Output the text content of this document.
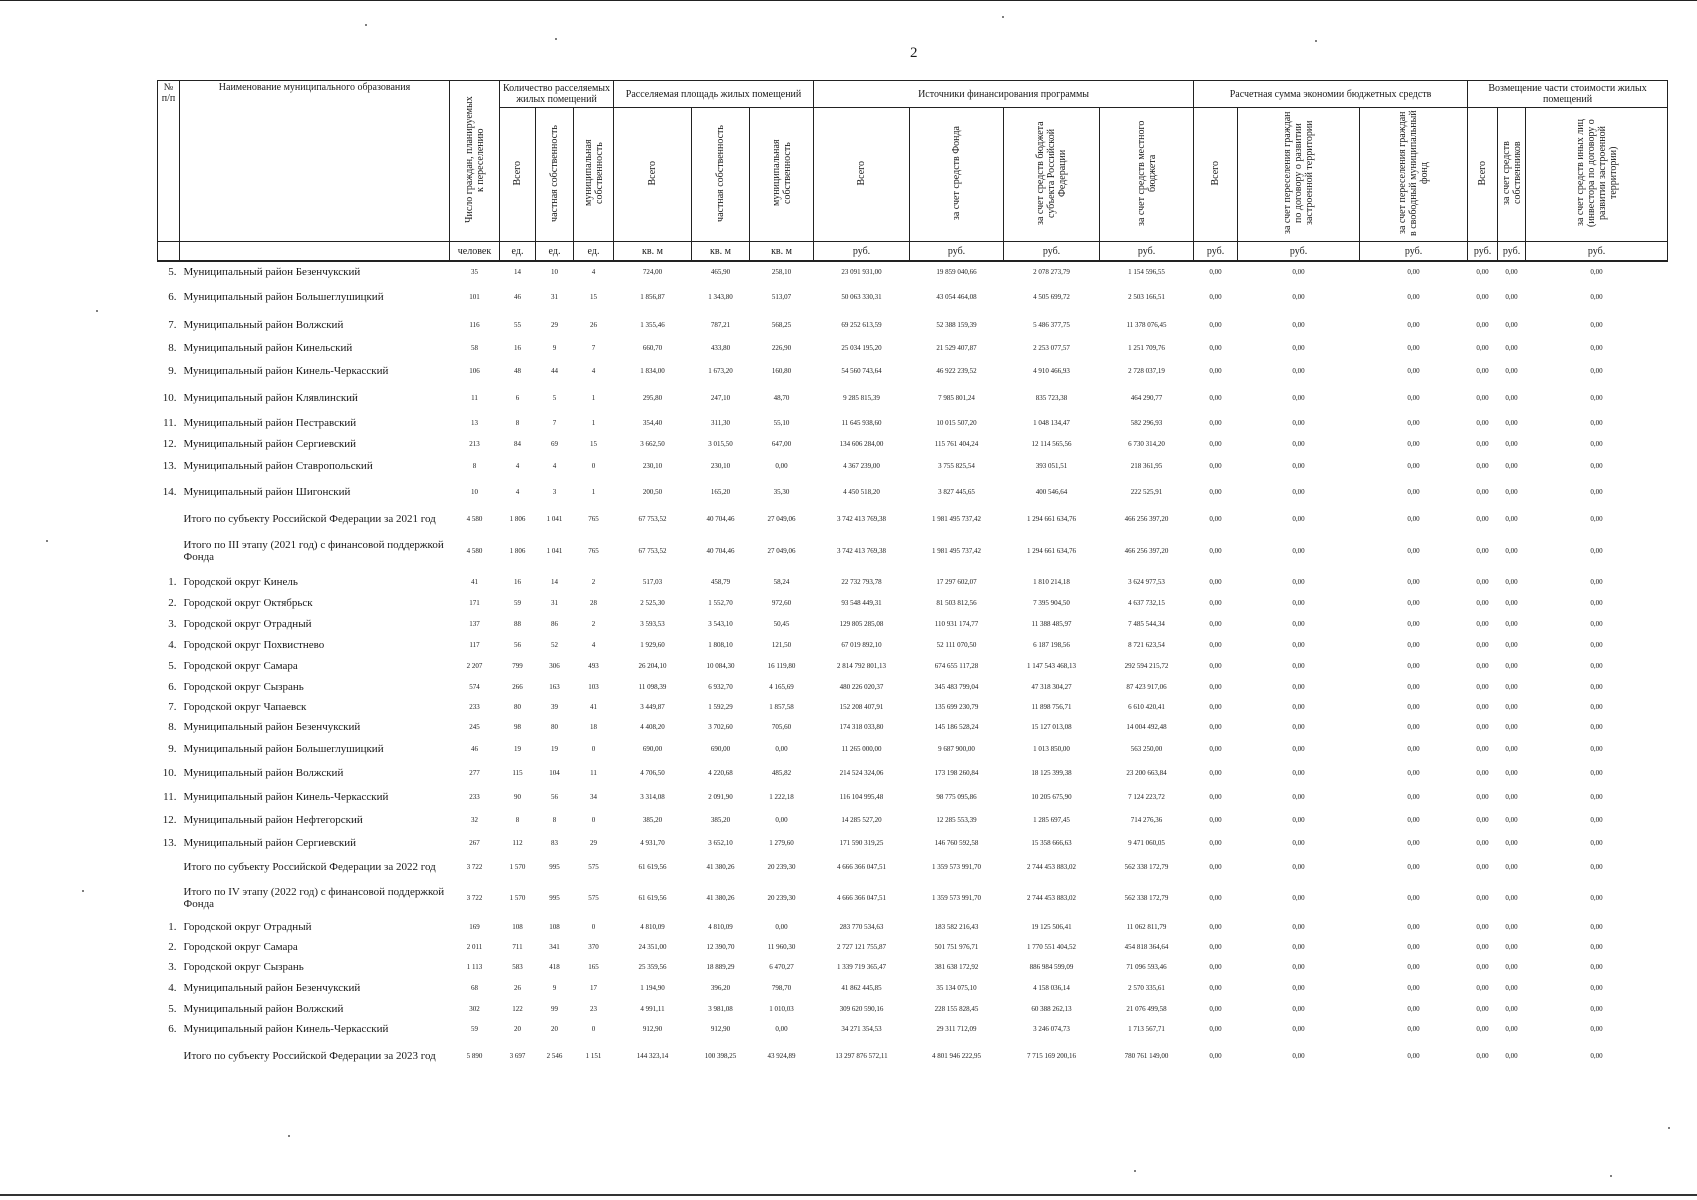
2
№ п/п	Наименование муниципального образования	Число граждан, планируемых к переселению	Количество расселяемых жилых помещений			Расселяемая площадь жилых помещений			Источники финансирования программы				Расчетная сумма экономии бюджетных средств			Возмещение части стоимости жилых помещений		
			Всего	частная собственность	муниципальная собственность	Всего	частная собственность	муниципальная собственность	Всего	за счет средств Фонда	за счет средств бюджета субъекта Российской Федерации	за счет средств местного бюджета	Всего	за счет переселения граждан по договору о развитии застроенной территории	за счет переселения граждан в свободный муниципальный фонд	Всего	за счет средств собственников	за счет средств иных лиц (инвестора по договору о развитии застроенной территории)
		человек	ед.	ед.	ед.	кв. м	кв. м	кв. м	руб.	руб.	руб.	руб.	руб.	руб.	руб.	руб.	руб.	руб.
5.	Муниципальный район Безенчукский	35	14	10	4	724,00	465,90	258,10	23 091 931,00	19 859 040,66	2 078 273,79	1 154 596,55	0,00	0,00	0,00	0,00	0,00	0,00
6.	Муниципальный район Большеглушицкий	101	46	31	15	1 856,87	1 343,80	513,07	50 063 330,31	43 054 464,08	4 505 699,72	2 503 166,51	0,00	0,00	0,00	0,00	0,00	0,00
7.	Муниципальный район Волжский	116	55	29	26	1 355,46	787,21	568,25	69 252 613,59	52 388 159,39	5 486 377,75	11 378 076,45	0,00	0,00	0,00	0,00	0,00	0,00
8.	Муниципальный район Кинельский	58	16	9	7	660,70	433,80	226,90	25 034 195,20	21 529 407,87	2 253 077,57	1 251 709,76	0,00	0,00	0,00	0,00	0,00	0,00
9.	Муниципальный район Кинель-Черкасский	106	48	44	4	1 834,00	1 673,20	160,80	54 560 743,64	46 922 239,52	4 910 466,93	2 728 037,19	0,00	0,00	0,00	0,00	0,00	0,00
10.	Муниципальный район Клявлинский	11	6	5	1	295,80	247,10	48,70	9 285 815,39	7 985 801,24	835 723,38	464 290,77	0,00	0,00	0,00	0,00	0,00	0,00
11.	Муниципальный район Пестравский	13	8	7	1	354,40	311,30	55,10	11 645 938,60	10 015 507,20	1 048 134,47	582 296,93	0,00	0,00	0,00	0,00	0,00	0,00
12.	Муниципальный район Сергиевский	213	84	69	15	3 662,50	3 015,50	647,00	134 606 284,00	115 761 404,24	12 114 565,56	6 730 314,20	0,00	0,00	0,00	0,00	0,00	0,00
13.	Муниципальный район Ставропольский	8	4	4	0	230,10	230,10	0,00	4 367 239,00	3 755 825,54	393 051,51	218 361,95	0,00	0,00	0,00	0,00	0,00	0,00
14.	Муниципальный район Шигонский	10	4	3	1	200,50	165,20	35,30	4 450 518,20	3 827 445,65	400 546,64	222 525,91	0,00	0,00	0,00	0,00	0,00	0,00
	Итого по субъекту Российской Федерации за 2021 год	4 580	1 806	1 041	765	67 753,52	40 704,46	27 049,06	3 742 413 769,38	1 981 495 737,42	1 294 661 634,76	466 256 397,20	0,00	0,00	0,00	0,00	0,00	0,00
	Итого по III этапу (2021 год) с финансовой поддержкой Фонда	4 580	1 806	1 041	765	67 753,52	40 704,46	27 049,06	3 742 413 769,38	1 981 495 737,42	1 294 661 634,76	466 256 397,20	0,00	0,00	0,00	0,00	0,00	0,00
1.	Городской округ Кинель	41	16	14	2	517,03	458,79	58,24	22 732 793,78	17 297 602,07	1 810 214,18	3 624 977,53	0,00	0,00	0,00	0,00	0,00	0,00
2.	Городской округ Октябрьск	171	59	31	28	2 525,30	1 552,70	972,60	93 548 449,31	81 503 812,56	7 395 904,50	4 637 732,15	0,00	0,00	0,00	0,00	0,00	0,00
3.	Городской округ Отрадный	137	88	86	2	3 593,53	3 543,10	50,45	129 805 285,08	110 931 174,77	11 388 485,97	7 485 544,34	0,00	0,00	0,00	0,00	0,00	0,00
4.	Городской округ Похвистнево	117	56	52	4	1 929,60	1 808,10	121,50	67 019 892,10	52 111 070,50	6 187 198,56	8 721 623,54	0,00	0,00	0,00	0,00	0,00	0,00
5.	Городской округ Самара	2 207	799	306	493	26 204,10	10 084,30	16 119,80	2 814 792 801,13	674 655 117,28	1 147 543 468,13	292 594 215,72	0,00	0,00	0,00	0,00	0,00	0,00
6.	Городской округ Сызрань	574	266	163	103	11 098,39	6 932,70	4 165,69	480 226 020,37	345 483 799,04	47 318 304,27	87 423 917,06	0,00	0,00	0,00	0,00	0,00	0,00
7.	Городской округ Чапаевск	233	80	39	41	3 449,87	1 592,29	1 857,58	152 208 407,91	135 699 230,79	11 898 756,71	6 610 420,41	0,00	0,00	0,00	0,00	0,00	0,00
8.	Муниципальный район Безенчукский	245	98	80	18	4 408,20	3 702,60	705,60	174 318 033,80	145 186 528,24	15 127 013,08	14 004 492,48	0,00	0,00	0,00	0,00	0,00	0,00
9.	Муниципальный район Большеглушицкий	46	19	19	0	690,00	690,00	0,00	11 265 000,00	9 687 900,00	1 013 850,00	563 250,00	0,00	0,00	0,00	0,00	0,00	0,00
10.	Муниципальный район Волжский	277	115	104	11	4 706,50	4 220,68	485,82	214 524 324,06	173 198 260,84	18 125 399,38	23 200 663,84	0,00	0,00	0,00	0,00	0,00	0,00
11.	Муниципальный район Кинель-Черкасский	233	90	56	34	3 314,08	2 091,90	1 222,18	116 104 995,48	98 775 095,86	10 205 675,90	7 124 223,72	0,00	0,00	0,00	0,00	0,00	0,00
12.	Муниципальный район Нефтегорский	32	8	8	0	385,20	385,20	0,00	14 285 527,20	12 285 553,39	1 285 697,45	714 276,36	0,00	0,00	0,00	0,00	0,00	0,00
13.	Муниципальный район Сергиевский	267	112	83	29	4 931,70	3 652,10	1 279,60	171 590 319,25	146 760 592,58	15 358 666,63	9 471 060,05	0,00	0,00	0,00	0,00	0,00	0,00
	Итого по субъекту Российской Федерации за 2022 год	3 722	1 570	995	575	61 619,56	41 380,26	20 239,30	4 666 366 047,51	1 359 573 991,70	2 744 453 883,02	562 338 172,79	0,00	0,00	0,00	0,00	0,00	0,00
	Итого по IV этапу (2022 год) с финансовой поддержкой Фонда	3 722	1 570	995	575	61 619,56	41 380,26	20 239,30	4 666 366 047,51	1 359 573 991,70	2 744 453 883,02	562 338 172,79	0,00	0,00	0,00	0,00	0,00	0,00
1.	Городской округ Отрадный	169	108	108	0	4 810,09	4 810,09	0,00	283 770 534,63	183 582 216,43	19 125 506,41	11 062 811,79	0,00	0,00	0,00	0,00	0,00	0,00
2.	Городской округ Самара	2 011	711	341	370	24 351,00	12 390,70	11 960,30	2 727 121 755,87	501 751 976,71	1 770 551 404,52	454 818 364,64	0,00	0,00	0,00	0,00	0,00	0,00
3.	Городской округ Сызрань	1 113	583	418	165	25 359,56	18 889,29	6 470,27	1 339 719 365,47	381 638 172,92	886 984 599,09	71 096 593,46	0,00	0,00	0,00	0,00	0,00	0,00
4.	Муниципальный район Безенчукский	68	26	9	17	1 194,90	396,20	798,70	41 862 445,85	35 134 075,10	4 158 036,14	2 570 335,61	0,00	0,00	0,00	0,00	0,00	0,00
5.	Муниципальный район Волжский	302	122	99	23	4 991,11	3 981,08	1 010,03	309 620 590,16	228 155 828,45	60 388 262,13	21 076 499,58	0,00	0,00	0,00	0,00	0,00	0,00
6.	Муниципальный район Кинель-Черкасский	59	20	20	0	912,90	912,90	0,00	34 271 354,53	29 311 712,09	3 246 074,73	1 713 567,71	0,00	0,00	0,00	0,00	0,00	0,00
	Итого по субъекту Российской Федерации за 2023 год	5 890	3 697	2 546	1 151	144 323,14	100 398,25	43 924,89	13 297 876 572,11	4 801 946 222,95	7 715 169 200,16	780 761 149,00	0,00	0,00	0,00	0,00	0,00	0,00
